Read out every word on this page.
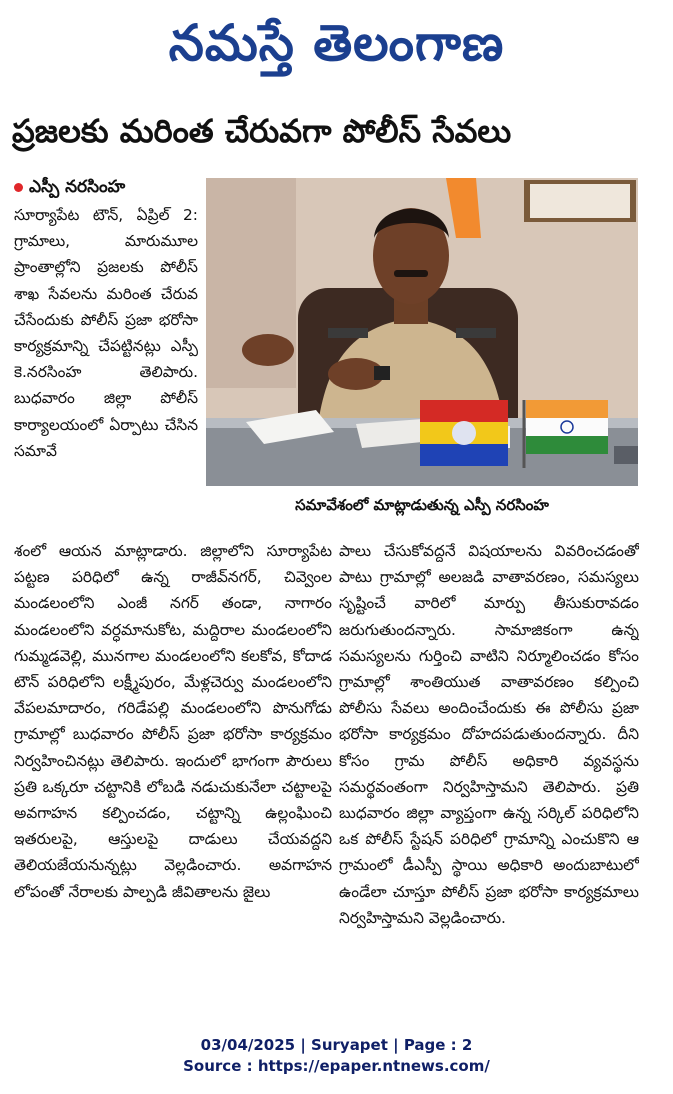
నమస్తే తెలంగాణ
ప్రజలకు మరింత చేరువగా పోలీస్ సేవలు
ఎస్పీ నరసింహ

సూర్యాపేట టౌన్, ఏప్రిల్ 2: గ్రామాలు, మారుమూల ప్రాంతాల్లోని ప్రజలకు పోలీస్ శాఖ సేవలను మరింత చేరువ చేసేందుకు పోలీస్ ప్రజా భరోసా కార్యక్రమాన్ని చేపట్టినట్లు ఎస్పీ కె.నరసింహ తెలిపారు. బుధవారం జిల్లా పోలీస్ కార్యాలయంలో ఏర్పాటు చేసిన సమావే

సమావేశంలో మాట్లాడుతున్న ఎస్పీ నరసింహ

శంలో ఆయన మాట్లాడారు. జిల్లాలోని సూర్యాపేట పట్టణ పరిధిలో ఉన్న రాజీవ్‌నగర్, చివ్వెంల మండలంలోని ఎంజీ నగర్ తండా, నాగారం మండలంలోని వర్ధమానుకోట, మద్దిరాల మండలంలోని గుమ్మడవెల్లి, మునగాల మండలంలోని కలకోవ, కోదాడ టౌన్ పరిధిలోని లక్ష్మీపురం, మేళ్లచెర్వు మండలంలోని వేపలమాదారం, గరిడేపల్లి మండలంలోని పొనుగోడు గ్రామాల్లో బుధవారం పోలీస్ ప్రజా భరోసా కార్యక్రమం నిర్వహించినట్లు తెలిపారు. ఇందులో భాగంగా పౌరులు ప్రతి ఒక్కరూ చట్టానికి లోబడి నడుచుకునేలా చట్టాలపై అవగాహన కల్పించడం, చట్టాన్ని ఉల్లంఘించి ఇతరులపై, ఆస్తులపై దాడులు చేయవద్దని తెలియజేయనున్నట్లు వెల్లడించారు. అవగాహన లోపంతో నేరాలకు పాల్పడి జీవితాలను జైలు

పాలు చేసుకోవద్దనే విషయాలను వివరించడంతో పాటు గ్రామాల్లో అలజడి వాతావరణం, సమస్యలు సృష్టించే వారిలో మార్పు తీసుకురావడం జరుగుతుందన్నారు. సామాజికంగా ఉన్న సమస్యలను గుర్తించి వాటిని నిర్మూలించడం కోసం గ్రామాల్లో శాంతియుత వాతావరణం కల్పించి పోలీసు సేవలు అందించేందుకు ఈ పోలీసు ప్రజా భరోసా కార్యక్రమం దోహదపడుతుందన్నారు. దీని కోసం గ్రామ పోలీస్ అధికారి వ్యవస్థను సమర్థవంతంగా నిర్వహిస్తామని తెలిపారు. ప్రతి బుధవారం జిల్లా వ్యాప్తంగా ఉన్న సర్కిల్ పరిధిలోని ఒక పోలీస్ స్టేషన్ పరిధిలో గ్రామాన్ని ఎంచుకొని ఆ గ్రామంలో డీఎస్పీ స్థాయి అధికారి అందుబాటులో ఉండేలా చూస్తూ పోలీస్ ప్రజా భరోసా కార్యక్రమాలు నిర్వహిస్తామని వెల్లడించారు.

03/04/2025 | Suryapet | Page : 2
Source : https://epaper.ntnews.com/
